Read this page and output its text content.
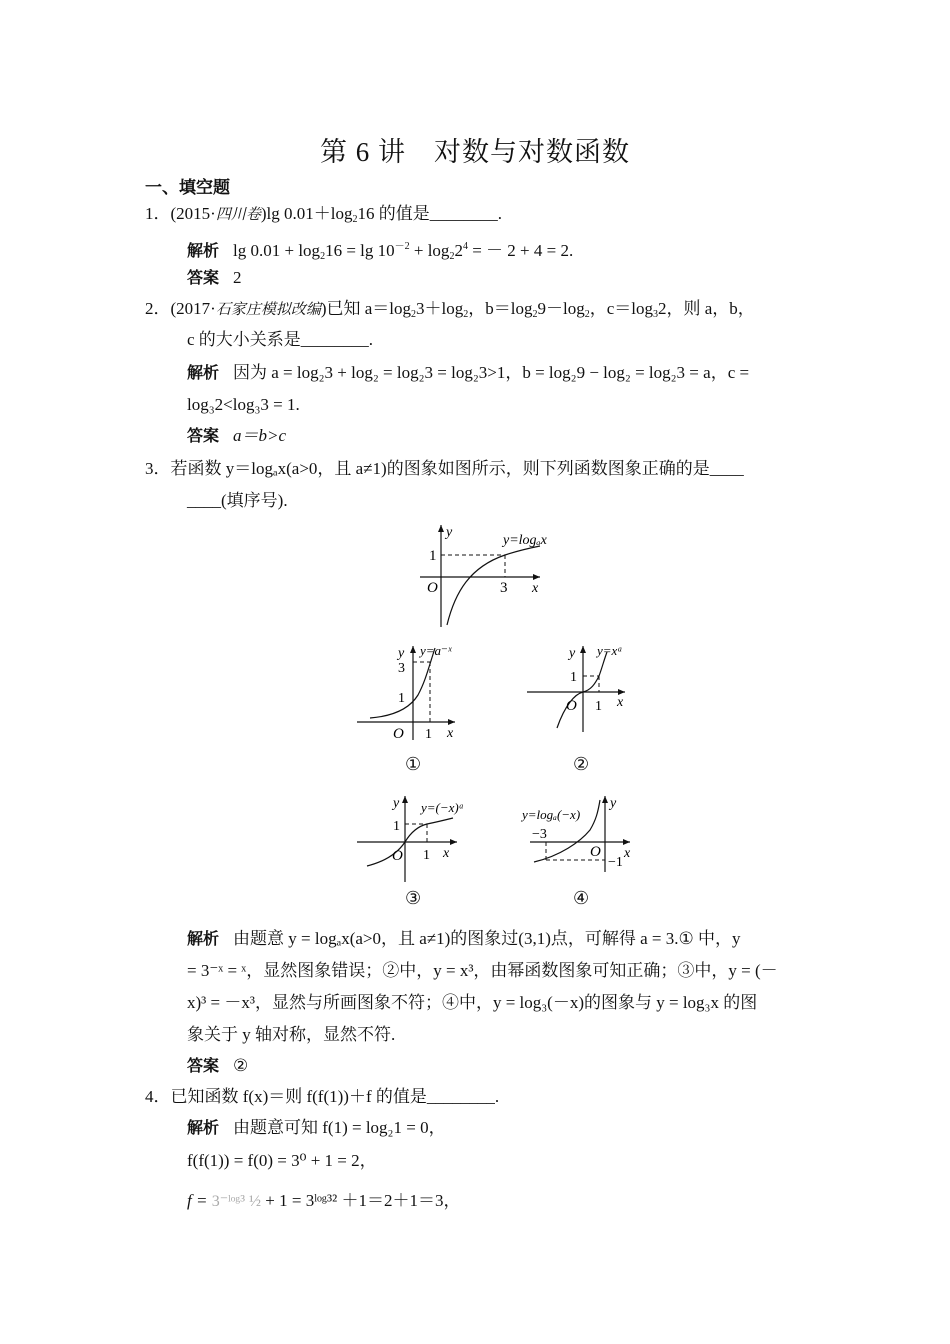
第 6 讲　对数与对数函数
一、填空题
1．(2015·四川卷)lg $0.01+\log_216$ 的值是________.
解析 $\lg 0.01 + \log_216 = \lg 10^{-2} + \log_22^4$ = － 2 + 4 = 2.
答案 2
2．(2017·石家庄模拟改编)已知 $a=\log_23+\log_2$，$b=\log_29-\log_2$，$c=\log_32$，则 a，b，
c 的大小关系是________.
解析 因为 a = log₂3 + log₂ = log₂3 = log₂3>1，b = log₂9 − log₂ = log₂3 = a，c =
log₃2<log₃3 = 1.
答案 a＝b>c
3．若函数 y＝logₐx(a>0，且 a≠1)的图象如图所示，则下列函数图象正确的是____
____(填序号).
y
x
O
1
3
y=logₐx
y
x
O
3
1
1
y=a⁻ˣ
①
y
x
O
1
1
y=xᵃ
②
y
x
O
1
1
y=(−x)ᵃ
③
y
x
O
−3
−1
y=logₐ(−x)
④
解析 由题意 y = logₐx(a>0，且 a≠1)的图象过(3,1)点，可解得 a = 3.① 中，y
= 3⁻ˣ = ˣ，显然图象错误；②中，y = x³，由幂函数图象可知正确；③中，y = (－
x)³ = －x³，显然与所画图象不符；④中，y = log₃(－x)的图象与 y = log₃x 的图
象关于 y 轴对称，显然不符.
答案 ②
4．已知函数 f(x)＝则 f(f(1))＋f 的值是________.
解析 由题意可知 f(1) = log₂1 = 0，
f(f(1)) = f(0) = 3⁰ + 1 = 2，
f = 3⁻ˡᵒᵍ³ ½ + 1 = 3ˡᵒᵍ³² ＋1＝2＋1＝3，
